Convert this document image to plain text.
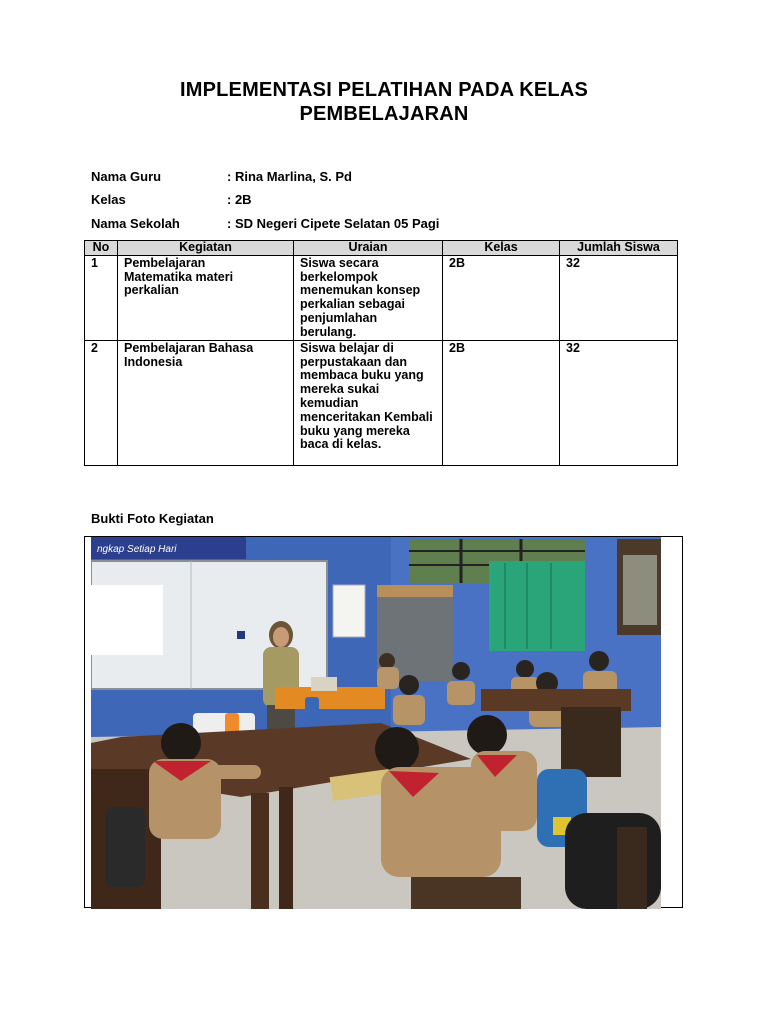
IMPLEMENTASI PELATIHAN PADA KELAS
PEMBELAJARAN
Nama Guru	: Rina Marlina, S. Pd
Kelas	: 2B
Nama Sekolah	: SD Negeri Cipete Selatan 05 Pagi
No	Kegiatan	Uraian	Kelas	Jumlah Siswa
1	Pembelajaran Matematika materi perkalian	Siswa secara berkelompok menemukan konsep perkalian sebagai penjumlahan berulang.	2B	32
2	Pembelajaran Bahasa Indonesia	Siswa belajar di perpustakaan dan membaca buku yang mereka sukai kemudian menceritakan Kembali buku yang mereka baca di kelas.	2B	32
Bukti Foto Kegiatan
ngkap Setiap Hari
